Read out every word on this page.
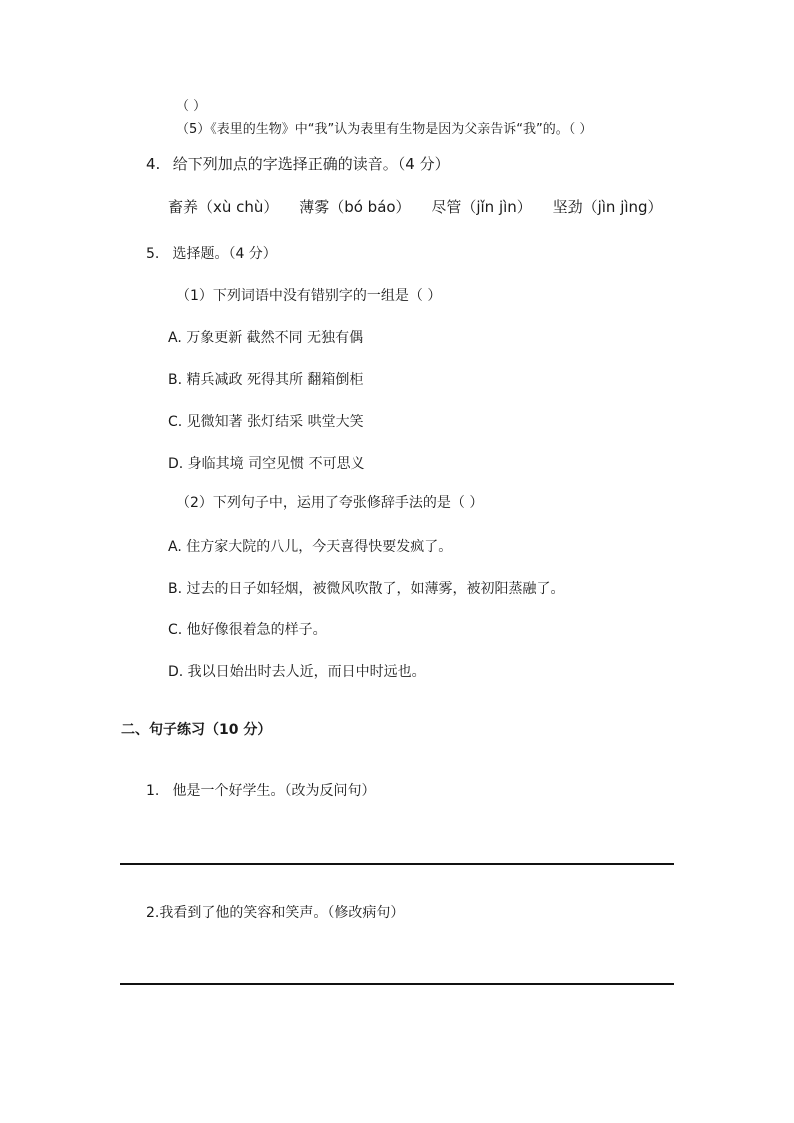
（ ）
（5）《表里的生物》中“我”认为表里有生物是因为父亲告诉“我”的。（ ）
4. 给下列加点的字选择正确的读音。（4 分）
畜养（xù chù） 薄雾（bó báo） 尽管（jǐn jìn） 坚劲（jìn jìng）
5. 选择题。（4 分）
（1）下列词语中没有错别字的一组是（ ）
A. 万象更新 截然不同 无独有偶
B. 精兵减政 死得其所 翻箱倒柜
C. 见微知著 张灯结采 哄堂大笑
D. 身临其境 司空见惯 不可思义
（2）下列句子中，运用了夸张修辞手法的是（ ）
A. 住方家大院的八儿，今天喜得快要发疯了。
B. 过去的日子如轻烟，被微风吹散了，如薄雾，被初阳蒸融了。
C. 他好像很着急的样子。
D. 我以日始出时去人近，而日中时远也。
二、句子练习（10 分）
1. 他是一个好学生。（改为反问句）
2.我看到了他的笑容和笑声。（修改病句）
